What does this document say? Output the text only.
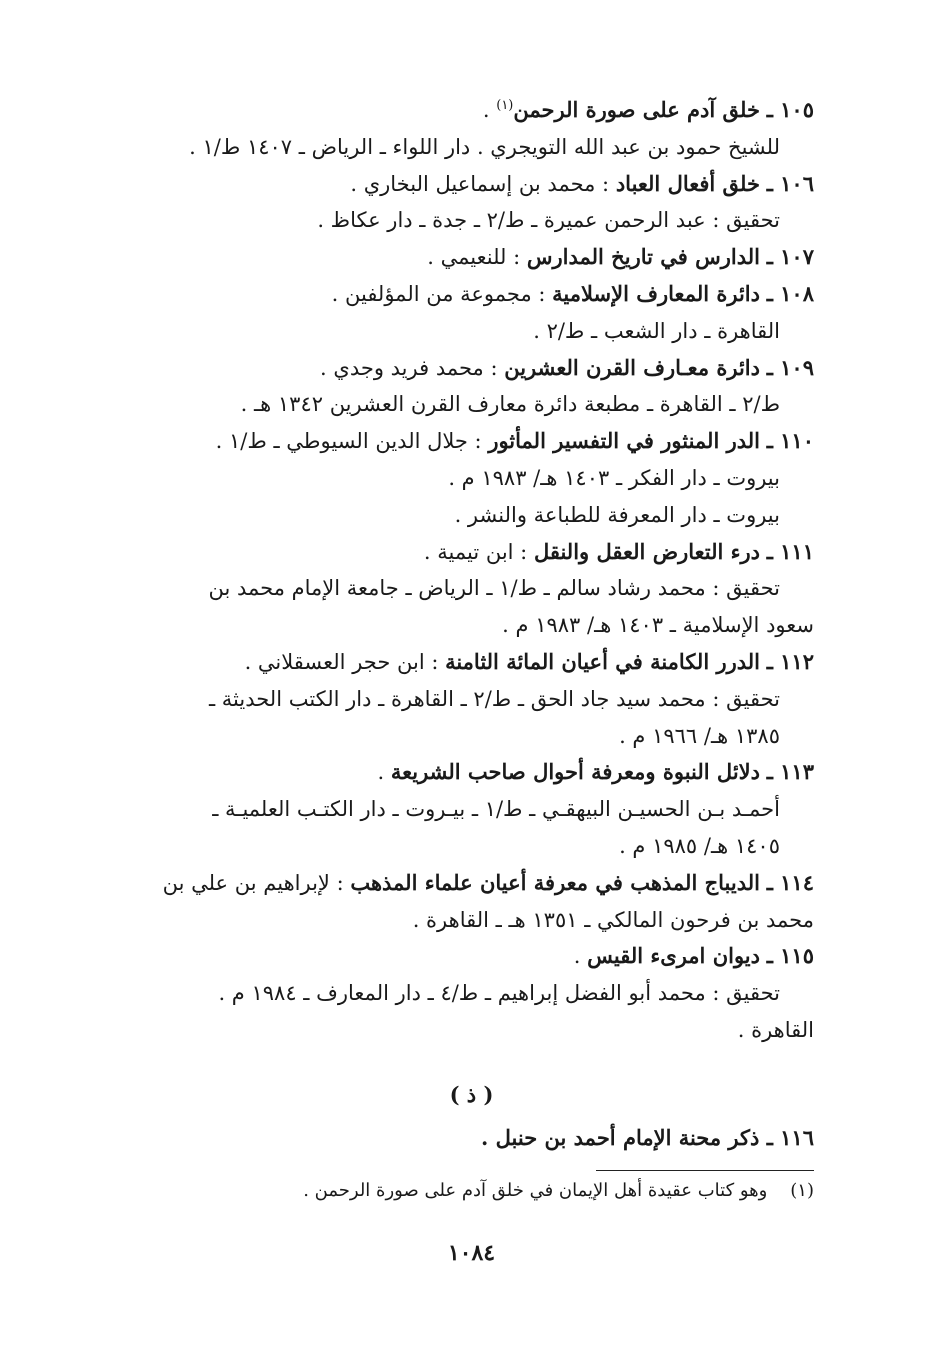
١٠٥ ـ خلق آدم على صورة الرحمن$^{(١)}$ .
للشيخ حمود بن عبد الله التويجري . دار اللواء ـ الرياض ـ ١٤٠٧ ط/١ .
١٠٦ ـ خلق أفعال العباد : محمد بن إسماعيل البخاري .
تحقيق : عبد الرحمن عميرة ـ ط/٢ ـ جدة ـ دار عكاظ .
١٠٧ ـ الدارس في تاريخ المدارس : للنعيمي .
١٠٨ ـ دائرة المعارف الإسلامية : مجموعة من المؤلفين .
القاهرة ـ دار الشعب ـ ط/٢ .
١٠٩ ـ دائرة معـارف القرن العشرين : محمد فريد وجدي .
ط/٢ ـ القاهرة ـ مطبعة دائرة معارف القرن العشرين ١٣٤٢ هـ .
١١٠ ـ الدر المنثور في التفسير المأثور : جلال الدين السيوطي ـ ط/١ .
بيروت ـ دار الفكر ـ ١٤٠٣ هـ/ ١٩٨٣ م .
بيروت ـ دار المعرفة للطباعة والنشر .
١١١ ـ درء التعارض العقل والنقل : ابن تيمية .
تحقيق : محمد رشاد سالم ـ ط/١ ـ الرياض ـ جامعة الإمام محمد بن
سعود الإسلامية ـ ١٤٠٣ هـ/ ١٩٨٣ م .
١١٢ ـ الدرر الكامنة في أعيان المائة الثامنة : ابن حجر العسقلاني .
تحقيق : محمد سيد جاد الحق ـ ط/٢ ـ القاهرة ـ دار الكتب الحديثة ـ
١٣٨٥ هـ/ ١٩٦٦ م .
١١٣ ـ دلائل النبوة ومعرفة أحوال صاحب الشريعة .
أحمـد بـن الحسيـن البيهقـي ـ ط/١ ـ بيـروت ـ دار الكتـب العلميـة ـ
١٤٠٥ هـ/ ١٩٨٥ م .
١١٤ ـ الديباج المذهب في معرفة أعيان علماء المذهب : لإبراهيم بن علي بن
محمد بن فرحون المالكي ـ ١٣٥١ هـ ـ القاهرة .
١١٥ ـ ديوان امرىء القيس .
تحقيق : محمد أبو الفضل إبراهيم ـ ط/٤ ـ دار المعارف ـ ١٩٨٤ م .
القاهرة .
( ذ )
١١٦ ـ ذكر محنة الإمام أحمد بن حنبل .
(١)    وهو كتاب عقيدة أهل الإيمان في خلق آدم على صورة الرحمن .
١٠٨٤
